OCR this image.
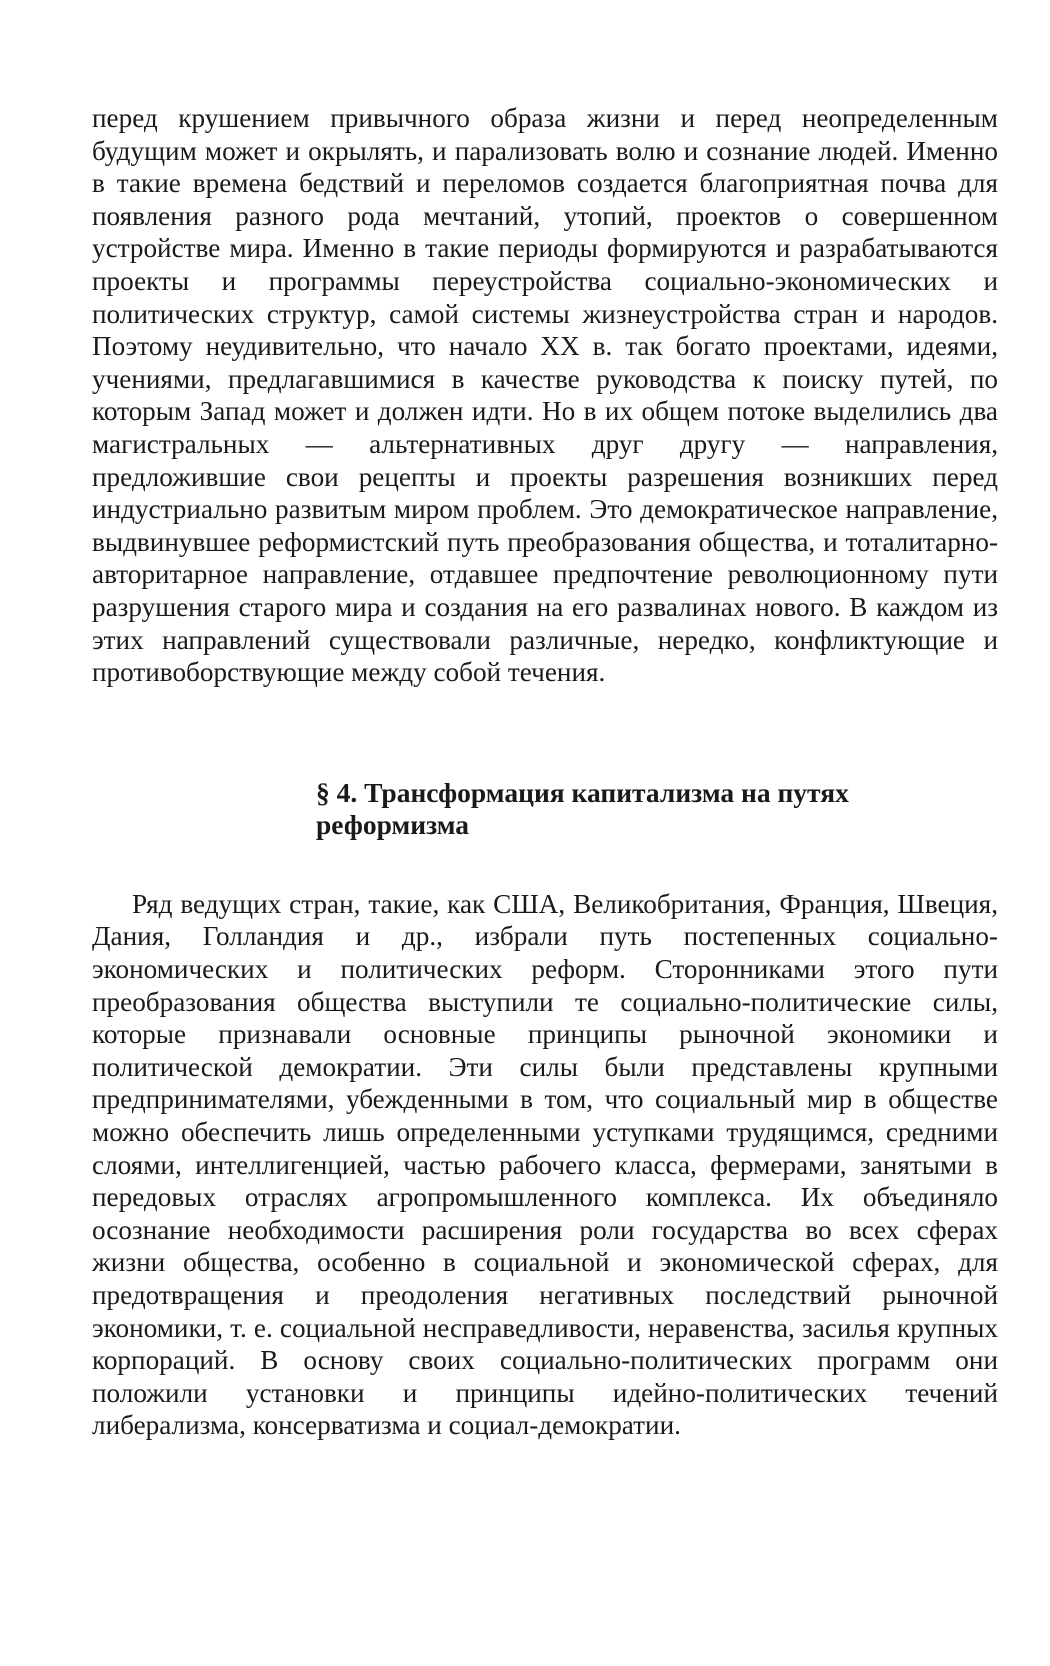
перед крушением привычного образа жизни и перед неопределенным будущим может и окрылять, и парализовать волю и сознание людей. Именно в такие времена бедствий и переломов создается благоприятная почва для появления разного рода мечтаний, утопий, проектов о совершенном устройстве мира. Именно в такие периоды формируются и разрабатываются проекты и программы переустройства социально-экономических и политических структур, самой системы жизнеустройства стран и народов. Поэтому неудивительно, что начало XX в. так богато проектами, идеями, учениями, предлагавшимися в качестве руководства к поиску путей, по которым Запад может и должен идти. Но в их общем потоке выделились два магистральных — альтернативных друг другу — направления, предложившие свои рецепты и проекты разрешения возникших перед индустриально развитым миром проблем. Это демократическое направление, выдвинувшее реформистский путь преобразования общества, и тоталитарно-авторитарное направление, отдавшее предпочтение революционному пути разрушения старого мира и создания на его развалинах нового. В каждом из этих направлений существовали различные, нередко, конфликтующие и противоборствующие между собой течения.

§ 4. Трансформация капитализма на путях реформизма

Ряд ведущих стран, такие, как США, Великобритания, Франция, Швеция, Дания, Голландия и др., избрали путь постепенных социально-экономических и политических реформ. Сторонниками этого пути преобразования общества выступили те социально-политические силы, которые признавали основные принципы рыночной экономики и политической демократии. Эти силы были представлены крупными предпринимателями, убежденными в том, что социальный мир в обществе можно обеспечить лишь определенными уступками трудящимся, средними слоями, интеллигенцией, частью рабочего класса, фермерами, занятыми в передовых отраслях агропромышленного комплекса. Их объединяло осознание необходимости расширения роли государства во всех сферах жизни общества, особенно в социальной и экономической сферах, для предотвращения и преодоления негативных последствий рыночной экономики, т. е. социальной несправедливости, неравенства, засилья крупных корпораций. В основу своих социально-политических программ они положили установки и принципы идейно-политических течений либерализма, консерватизма и социал-демократии.
